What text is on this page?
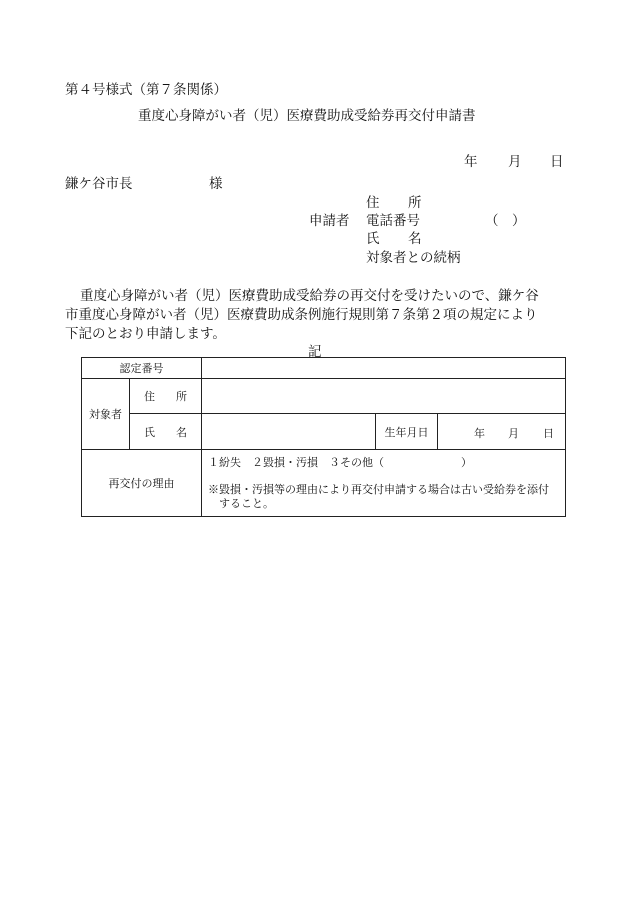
第４号様式（第７条関係）
重度心身障がい者（児）医療費助成受給券再交付申請書
年 月 日
鎌ケ谷市長	様
住 所
申請者 電話番号	（ ）
氏 名
対象者との続柄
重度心身障がい者（児）医療費助成受給券の再交付を受けたいので、鎌ケ谷
市重度心身障がい者（児）医療費助成条例施行規則第７条第２項の規定により
下記のとおり申請します。
記
認定番号				
対象者	住 所			

	氏 名		生年月日	年 月 日

再交付の理由		１紛失　２毀損・汚損　３その他（　　　　　　　）
※毀損・汚損等の理由により再交付申請する場合は古い受給券を添付
　すること。		
